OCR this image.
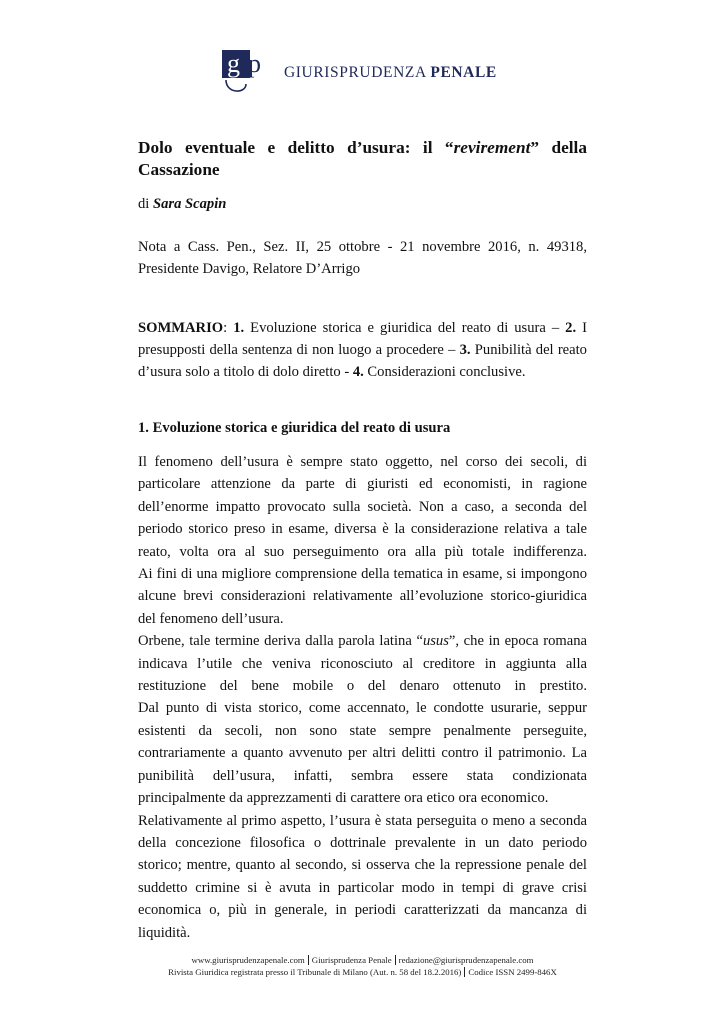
g p GIURISPRUDENZA PENALE
Dolo eventuale e delitto d’usura: il “revirement” della
Cassazione
di Sara Scapin
Nota a Cass. Pen., Sez. II, 25 ottobre - 21 novembre 2016, n. 49318,
Presidente Davigo, Relatore D’Arrigo
SOMMARIO: 1. Evoluzione storica e giuridica del reato di usura – 2. I
presupposti della sentenza di non luogo a procedere – 3. Punibilità del reato
d’usura solo a titolo di dolo diretto - 4. Considerazioni conclusive.
1. Evoluzione storica e giuridica del reato di usura
Il fenomeno dell’usura è sempre stato oggetto, nel corso dei secoli, di
particolare attenzione da parte di giuristi ed economisti, in ragione
dell’enorme impatto provocato sulla società. Non a caso, a seconda del
periodo storico preso in esame, diversa è la considerazione relativa a tale
reato, volta ora al suo perseguimento ora alla più totale indifferenza.
Ai fini di una migliore comprensione della tematica in esame, si impongono
alcune brevi considerazioni relativamente all’evoluzione storico-giuridica
del fenomeno dell’usura.
Orbene, tale termine deriva dalla parola latina “usus”, che in epoca romana
indicava l’utile che veniva riconosciuto al creditore in aggiunta alla
restituzione del bene mobile o del denaro ottenuto in prestito.
Dal punto di vista storico, come accennato, le condotte usurarie, seppur
esistenti da secoli, non sono state sempre penalmente perseguite,
contrariamente a quanto avvenuto per altri delitti contro il patrimonio. La
punibilità dell’usura, infatti, sembra essere stata condizionata
principalmente da apprezzamenti di carattere ora etico ora economico.
Relativamente al primo aspetto, l’usura è stata perseguita o meno a seconda
della concezione filosofica o dottrinale prevalente in un dato periodo
storico; mentre, quanto al secondo, si osserva che la repressione penale del
suddetto crimine si è avuta in particolar modo in tempi di grave crisi
economica o, più in generale, in periodi caratterizzati da mancanza di
liquidità.
www.giurisprudenzapenale.com Giurisprudenza Penale redazione@giurisprudenzapenale.com
Rivista Giuridica registrata presso il Tribunale di Milano (Aut. n. 58 del 18.2.2016) Codice ISSN 2499-846X
